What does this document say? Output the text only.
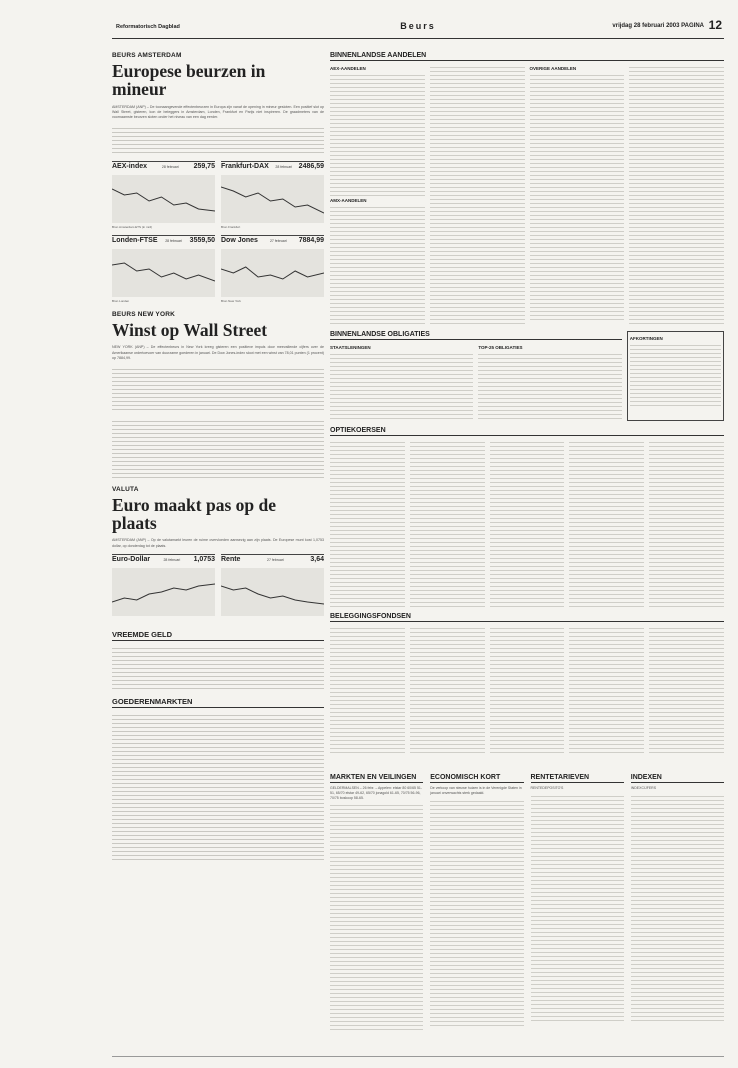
Reformatorisch Dagblad	Beurs	vrijdag 28 februari 2003 PAGINA 12
BEURS AMSTERDAM
Europese beurzen in mineur

AMSTERDAM (ANP) – De toonaangevende effectenbeurzen in Europa zijn vanaf de opening in mineur gesloten. Een positief slot op Wall Street, gisteren, kon de beleggers in Amsterdam, Londen, Frankfurt en Parijs niet inspireren. De graadmeters van de voornaamste beurzen sloten onder het niveau van een dag eerder.

AEX-index	28 februari 259,75
Bron Amsterdam ETS (in mrd)
Frankfurt-DAX 28 februari 2486,59
Bron Frankfurt
Londen-FTSE 28 februari 3559,50
Bron Londen
Dow Jones	27 februari 7884,99
Bron New York
BEURS NEW YORK
Winst op Wall Street

NEW YORK (ANP) – De effectenbeurs in New York kreeg gisteren een positieve impuls door meevallende cijfers over de Amerikaanse ordertoevoer van duurzame goederen in januari. De Dow Jones-index sloot met een winst van 78,01 punten (1 procent) op 7884,99.

VALUTA
Euro maakt pas op de plaats

AMSTERDAM (ANP) – Op de valutamarkt leuren de ruime overvloeden aanwezig aan zijn plaats. De Europese munt kost 1,0753 dollar, op donderdag tot de plaats.

Euro-Dollar	28 februari 1,0753 Rente	27 februari	3,64
VREEMDE GELD
GOEDERENMARKTEN
BINNENLANDSE AANDELEN
AEX-AANDELEN
AMX-AANDELEN
OVERIGE AANDELEN
BINNENLANDSE OBLIGATIES
STAATSLENINGEN	TOP-25 OBLIGATIES
AFKORTINGEN
OPTIEKOERSEN
BELEGGINGSFONDSEN
MARKTEN EN VEILINGEN
GELDERMALSEN – 26 febr. – Appelen: elstar 80 60/65 51-51, 65/70 elstar 49-62, 65/70 jonagold 61-65, 70/75 56-96, 70/75 boskoop 58-65.
ECONOMISCH KORT
De verkoop van nieuwe huizen is in de Verenigde Staten in januari onverwachts sterk gedaald.
RENTETARIEVEN
RENTEDEPOSITO'S
INDEXEN
INDEXCIJFERS
